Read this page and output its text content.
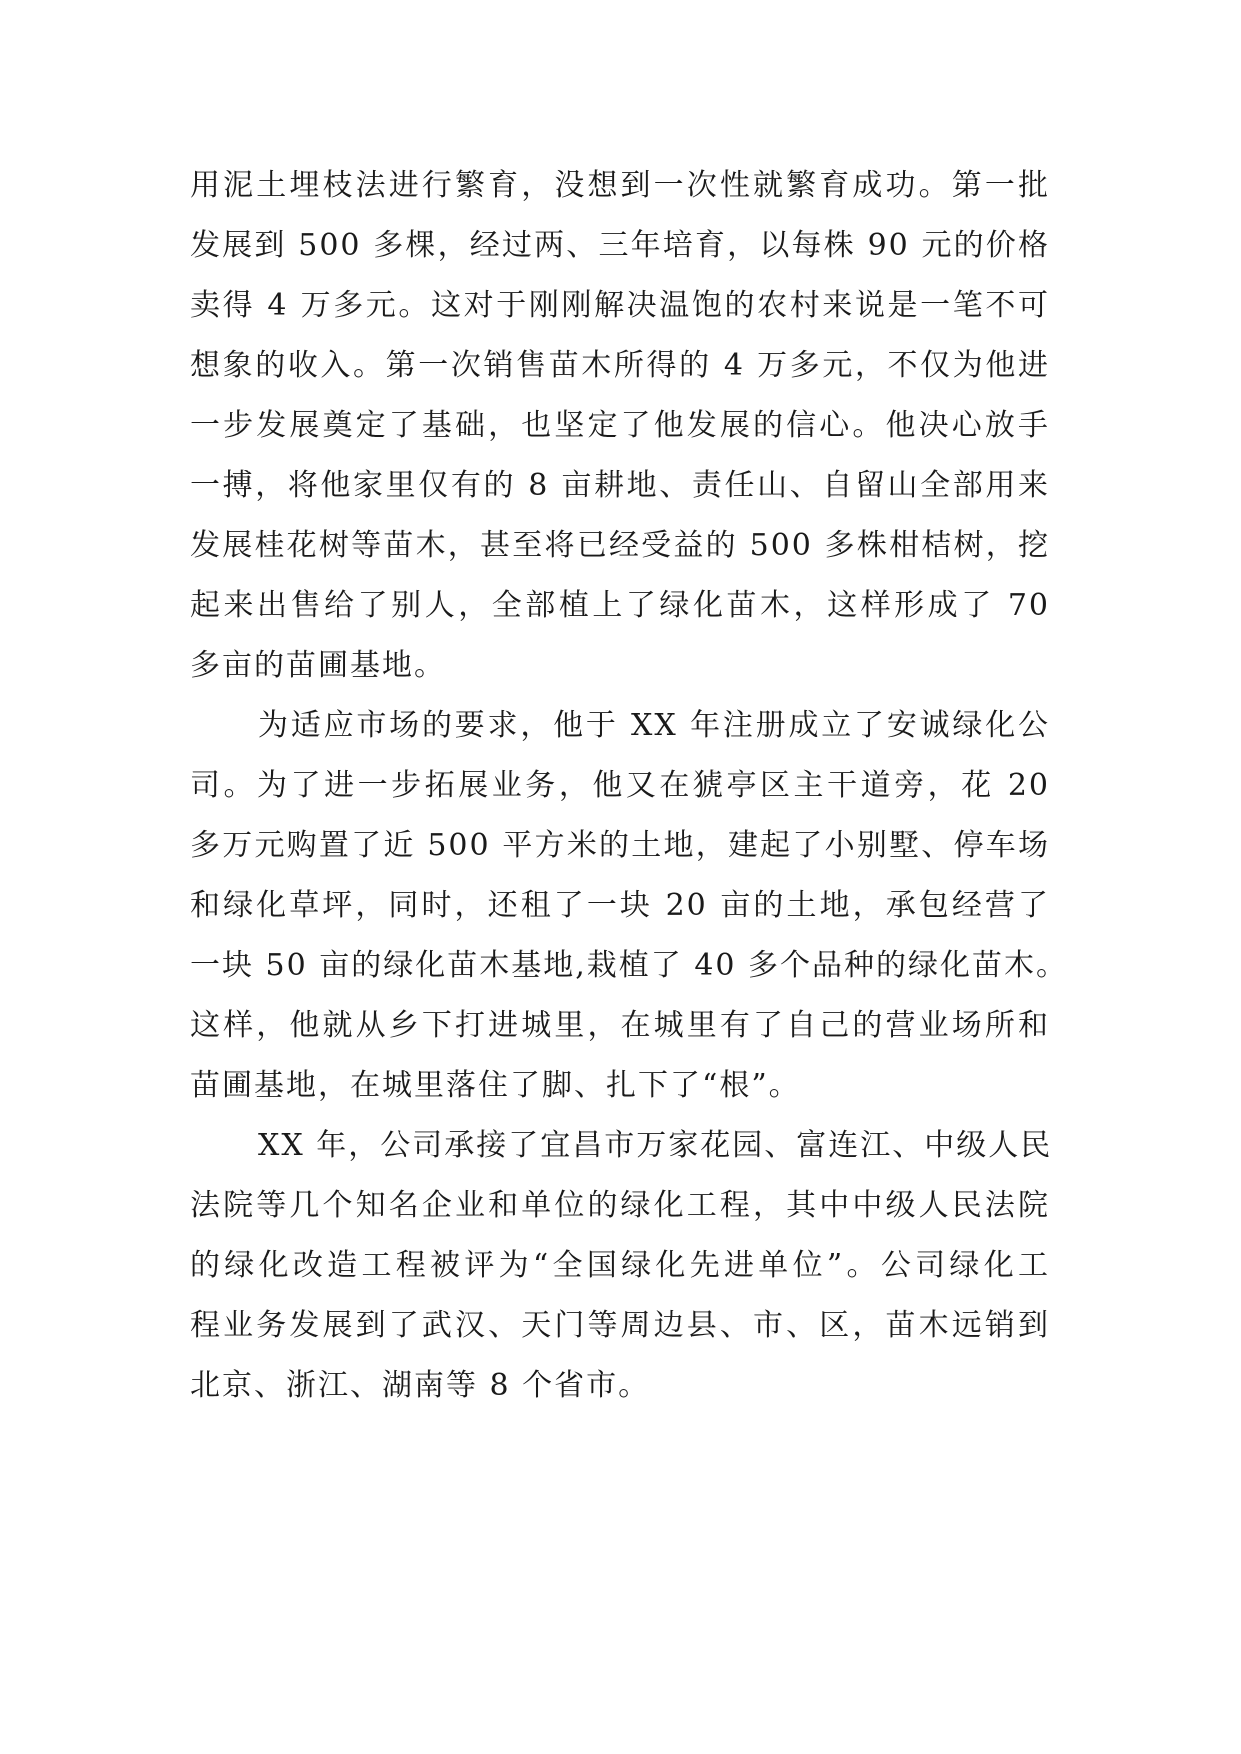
用泥土埋枝法进行繁育，没想到一次性就繁育成功。第一批
发展到 500 多棵，经过两、三年培育，以每株 90 元的价格
卖得 4 万多元。这对于刚刚解决温饱的农村来说是一笔不可
想象的收入。第一次销售苗木所得的 4 万多元，不仅为他进
一步发展奠定了基础，也坚定了他发展的信心。他决心放手
一搏，将他家里仅有的 8 亩耕地、责任山、自留山全部用来
发展桂花树等苗木，甚至将已经受益的 500 多株柑桔树，挖
起来出售给了别人，全部植上了绿化苗木，这样形成了 70
多亩的苗圃基地。
为适应市场的要求，他于 XX 年注册成立了安诚绿化公
司。为了进一步拓展业务，他又在猇亭区主干道旁，花 20
多万元购置了近 500 平方米的土地，建起了小别墅、停车场
和绿化草坪，同时，还租了一块 20 亩的土地，承包经营了
一块 50 亩的绿化苗木基地,栽植了 40 多个品种的绿化苗木。
这样，他就从乡下打进城里，在城里有了自己的营业场所和
苗圃基地，在城里落住了脚、扎下了“根”。
XX 年，公司承接了宜昌市万家花园、富连江、中级人民
法院等几个知名企业和单位的绿化工程，其中中级人民法院
的绿化改造工程被评为“全国绿化先进单位”。公司绿化工
程业务发展到了武汉、天门等周边县、市、区，苗木远销到
北京、浙江、湖南等 8 个省市。
